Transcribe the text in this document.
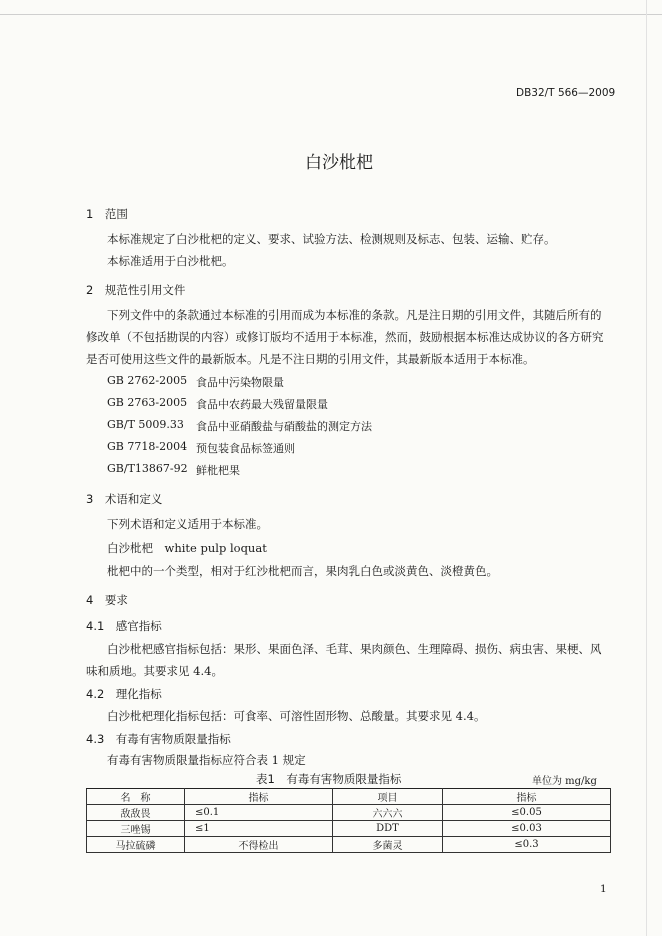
DB32/T 566—2009
白沙枇杷
1　范围
本标准规定了白沙枇杷的定义、要求、试验方法、检测规则及标志、包装、运输、贮存。
本标准适用于白沙枇杷。
2　规范性引用文件
下列文件中的条款通过本标准的引用而成为本标准的条款。凡是注日期的引用文件，其随后所有的
修改单（不包括勘误的内容）或修订版均不适用于本标准，然而，鼓励根据本标准达成协议的各方研究
是否可使用这些文件的最新版本。凡是不注日期的引用文件，其最新版本适用于本标准。
GB 2762-2005 食品中污染物限量
GB 2763-2005 食品中农药最大残留量限量
GB/T 5009.33 食品中亚硝酸盐与硝酸盐的测定方法
GB 7718-2004 预包装食品标签通则
GB/T13867-92 鲜枇杷果
3　术语和定义
下列术语和定义适用于本标准。
白沙枇杷　white pulp loquat
枇杷中的一个类型，相对于红沙枇杷而言，果肉乳白色或淡黄色、淡橙黄色。
4　要求
4.1　感官指标
白沙枇杷感官指标包括：果形、果面色泽、毛茸、果肉颜色、生理障碍、损伤、病虫害、果梗、风
味和质地。其要求见 4.4。
4.2　理化指标
白沙枇杷理化指标包括：可食率、可溶性固形物、总酸量。其要求见 4.4。
4.3　有毒有害物质限量指标
有毒有害物质限量指标应符合表 1 规定
表1　有毒有害物质限量指标	单位为 mg/kg
名　称	指标	项目	指标
敌敌畏	≤0.1	六六六	≤0.05
三唑锡	≤1	DDT	≤0.03
马拉硫磷	不得检出	多菌灵	≤0.3
1
